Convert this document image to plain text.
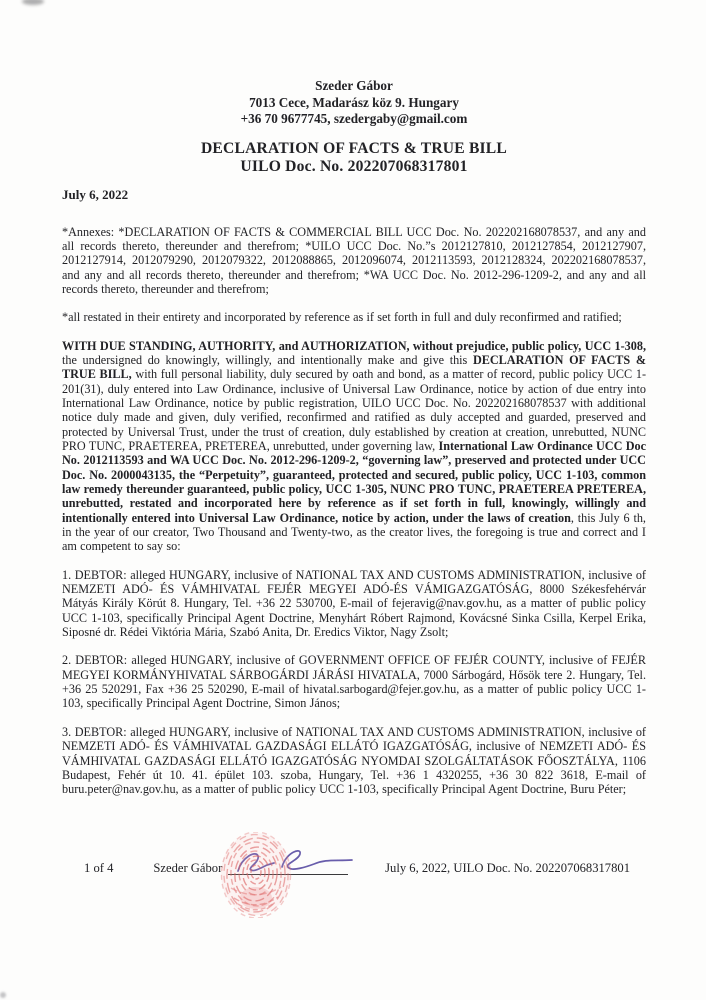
Szeder Gábor
7013 Cece, Madarász köz 9. Hungary
+36 70 9677745, szedergaby@gmail.com
DECLARATION OF FACTS & TRUE BILL
UILO Doc. No. 202207068317801
July 6, 2022

*Annexes: *DECLARATION OF FACTS & COMMERCIAL BILL UCC Doc. No. 202202168078537, and any and all records thereto, thereunder and therefrom; *UILO UCC Doc. No.”s 2012127810, 2012127854, 2012127907, 2012127914, 2012079290, 2012079322, 2012088865, 2012096074, 2012113593, 2012128324, 202202168078537, and any and all records thereto, thereunder and therefrom; *WA UCC Doc. No. 2012-296-1209-2, and any and all records thereto, thereunder and therefrom;

*all restated in their entirety and incorporated by reference as if set forth in full and duly reconfirmed and ratified;

WITH DUE STANDING, AUTHORITY, and AUTHORIZATION, without prejudice, public policy, UCC 1-308, the undersigned do knowingly, willingly, and intentionally make and give this DECLARATION OF FACTS & TRUE BILL, with full personal liability, duly secured by oath and bond, as a matter of record, public policy UCC 1-201(31), duly entered into Law Ordinance, inclusive of Universal Law Ordinance, notice by action of due entry into International Law Ordinance, notice by public registration, UILO UCC Doc. No. 202202168078537 with additional notice duly made and given, duly verified, reconfirmed and ratified as duly accepted and guarded, preserved and protected by Universal Trust, under the trust of creation, duly established by creation at creation, unrebutted, NUNC PRO TUNC, PRAETEREA, PRETEREA, unrebutted, under governing law, International Law Ordinance UCC Doc No. 2012113593 and WA UCC Doc. No. 2012-296-1209-2, “governing law”, preserved and protected under UCC Doc. No. 2000043135, the “Perpetuity”, guaranteed, protected and secured, public policy, UCC 1-103, common law remedy thereunder guaranteed, public policy, UCC 1-305, NUNC PRO TUNC, PRAETEREA PRETEREA, unrebutted, restated and incorporated here by reference as if set forth in full, knowingly, willingly and intentionally entered into Universal Law Ordinance, notice by action, under the laws of creation, this July 6 th, in the year of our creator, Two Thousand and Twenty-two, as the creator lives, the foregoing is true and correct and I am competent to say so:

1. DEBTOR: alleged HUNGARY, inclusive of NATIONAL TAX AND CUSTOMS ADMINISTRATION, inclusive of NEMZETI ADÓ- ÉS VÁMHIVATAL FEJÉR MEGYEI ADÓ-ÉS VÁMIGAZGATÓSÁG, 8000 Székesfehérvár Mátyás Király Körút 8. Hungary, Tel. +36 22 530700, E-mail of fejeravig@nav.gov.hu, as a matter of public policy UCC 1-103, specifically Principal Agent Doctrine, Menyhárt Róbert Rajmond, Kovácsné Sinka Csilla, Kerpel Erika, Siposné dr. Rédei Viktória Mária, Szabó Anita, Dr. Eredics Viktor, Nagy Zsolt;

2. DEBTOR: alleged HUNGARY, inclusive of GOVERNMENT OFFICE OF FEJÉR COUNTY, inclusive of FEJÉR MEGYEI KORMÁNYHIVATAL SÁRBOGÁRDI JÁRÁSI HIVATALA, 7000 Sárbogárd, Hősök tere 2. Hungary, Tel. +36 25 520291, Fax +36 25 520290, E-mail of hivatal.sarbogard@fejer.gov.hu, as a matter of public policy UCC 1-103, specifically Principal Agent Doctrine, Simon János;

3. DEBTOR: alleged HUNGARY, inclusive of NATIONAL TAX AND CUSTOMS ADMINISTRATION, inclusive of NEMZETI ADÓ- ÉS VÁMHIVATAL GAZDASÁGI ELLÁTÓ IGAZGATÓSÁG, inclusive of NEMZETI ADÓ- ÉS VÁMHIVATAL GAZDASÁGI ELLÁTÓ IGAZGATÓSÁG NYOMDAI SZOLGÁLTATÁSOK FŐOSZTÁLYA, 1106 Budapest, Fehér út 10. 41. épület 103. szoba, Hungary, Tel. +36 1 4320255, +36 30 822 3618, E-mail of buru.peter@nav.gov.hu, as a matter of public policy UCC 1-103, specifically Principal Agent Doctrine, Buru Péter;

1 of 4	Szeder Gábor	July 6, 2022, UILO Doc. No. 202207068317801
